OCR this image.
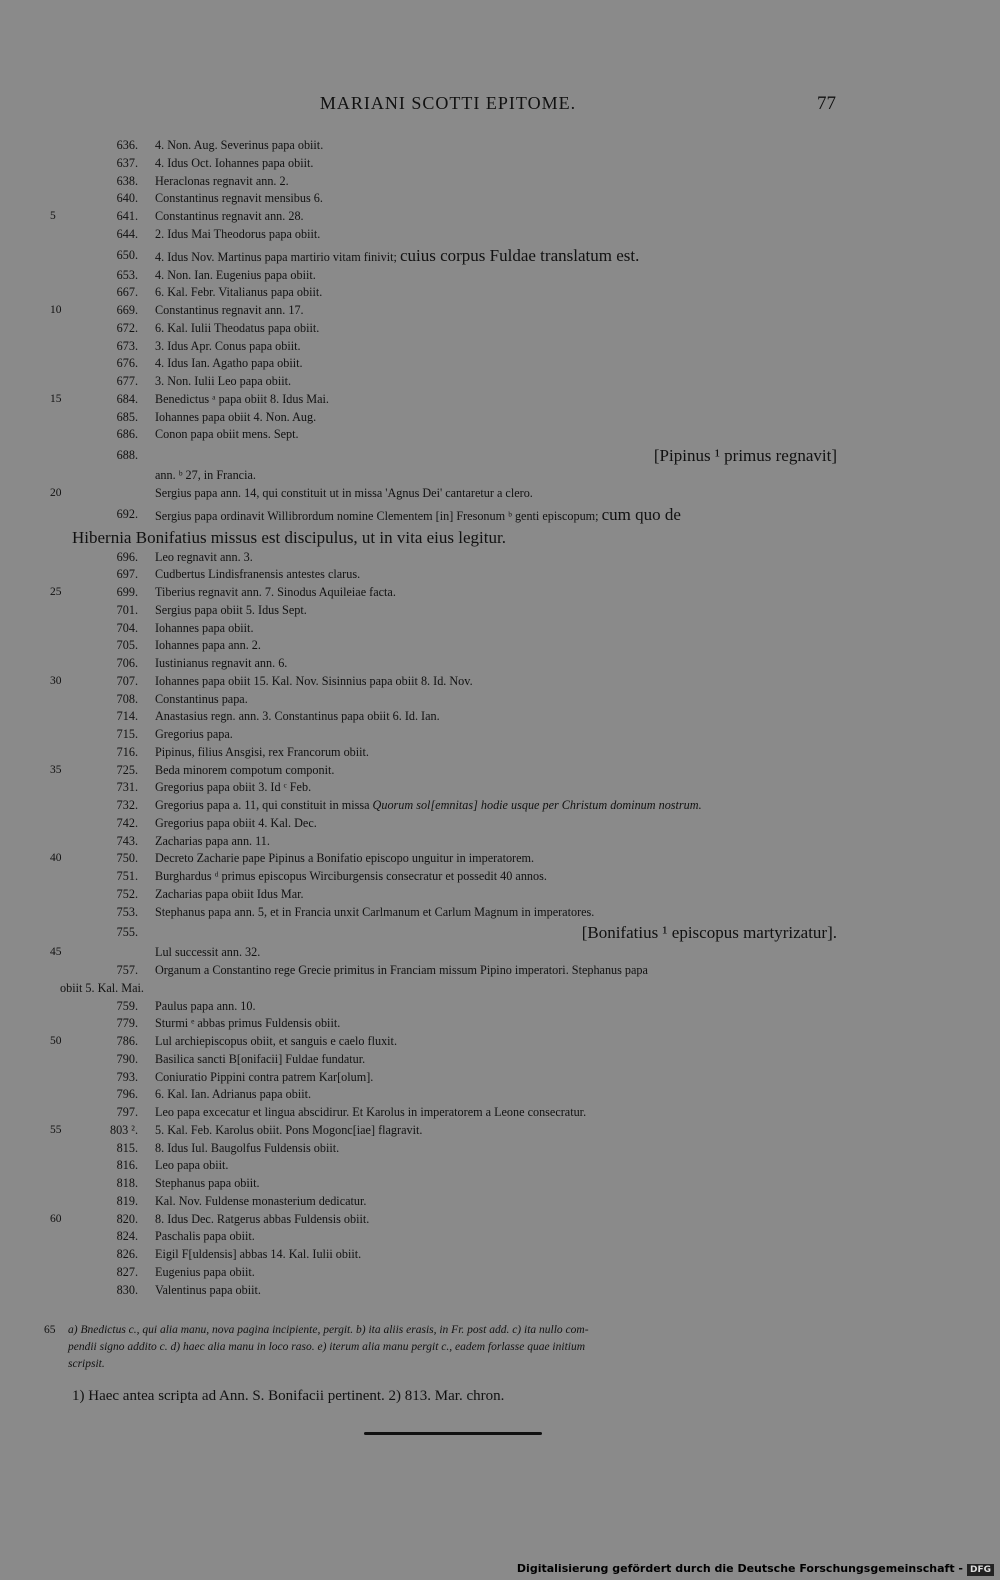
MARIANI SCOTTI EPITOME.	77
636. 4. Non. Aug. Severinus papa obiit.
637. 4. Idus Oct. Iohannes papa obiit.
638. Heraclonas regnavit ann. 2.
640. Constantinus regnavit mensibus 6.
5	641. Constantinus regnavit ann. 28.
644. 2. Idus Mai Theodorus papa obiit.
650. 4. Idus Nov. Martinus papa martirio vitam finivit; cuius corpus Fuldae translatum est.
653. 4. Non. Ian. Eugenius papa obiit.
667. 6. Kal. Febr. Vitalianus papa obiit.
10	669. Constantinus regnavit ann. 17.
672. 6. Kal. Iulii Theodatus papa obiit.
673. 3. Idus Apr. Conus papa obiit.
676. 4. Idus Ian. Agatho papa obiit.
677. 3. Non. Iulii Leo papa obiit.
15	684. Benedictus ᵃ papa obiit 8. Idus Mai.
685. Iohannes papa obiit 4. Non. Aug.
686. Conon papa obiit mens. Sept.
688.	[Pipinus ¹ primus regnavit]
ann. ᵇ 27, in Francia.
20	Sergius papa ann. 14, qui constituit ut in missa 'Agnus Dei' cantaretur a clero.
692. Sergius papa ordinavit Willibrordum nomine Clementem [in] Fresonum ᵇ genti episcopum; cum quo de
Hibernia Bonifatius missus est discipulus, ut in vita eius legitur.
696. Leo regnavit ann. 3.
697. Cudbertus Lindisfranensis antestes clarus.
25	699. Tiberius regnavit ann. 7. Sinodus Aquileiae facta.
701. Sergius papa obiit 5. Idus Sept.
704. Iohannes papa obiit.
705. Iohannes papa ann. 2.
706. Iustinianus regnavit ann. 6.
30	707. Iohannes papa obiit 15. Kal. Nov. Sisinnius papa obiit 8. Id. Nov.
708. Constantinus papa.
714. Anastasius regn. ann. 3. Constantinus papa obiit 6. Id. Ian.
715. Gregorius papa.
716. Pipinus, filius Ansgisi, rex Francorum obiit.
35	725. Beda minorem compotum componit.
731. Gregorius papa obiit 3. Id ᶜ Feb.
732. Gregorius papa a. 11, qui constituit in missa Quorum sol[emnitas] hodie usque per Christum dominum nostrum.
742. Gregorius papa obiit 4. Kal. Dec.
743. Zacharias papa ann. 11.
40	750. Decreto Zacharie pape Pipinus a Bonifatio episcopo unguitur in imperatorem.
751. Burghardus ᵈ primus episcopus Wirciburgensis consecratur et possedit 40 annos.
752. Zacharias papa obiit Idus Mar.
753. Stephanus papa ann. 5, et in Francia unxit Carlmanum et Carlum Magnum in imperatores.
755.	[Bonifatius ¹ episcopus martyrizatur].
45	Lul successit ann. 32.
757. Organum a Constantino rege Grecie primitus in Franciam missum Pipino imperatori. Stephanus papa
obiit 5. Kal. Mai.
759. Paulus papa ann. 10.
779. Sturmi ᵉ abbas primus Fuldensis obiit.
50	786. Lul archiepiscopus obiit, et sanguis e caelo fluxit.
790. Basilica sancti B[onifacii] Fuldae fundatur.
793. Coniuratio Pippini contra patrem Kar[olum].
796. 6. Kal. Ian. Adrianus papa obiit.
797. Leo papa excecatur et lingua abscidirur. Et Karolus in imperatorem a Leone consecratur.
55	803 ². 5. Kal. Feb. Karolus obiit. Pons Mogonc[iae] flagravit.
815. 8. Idus Iul. Baugolfus Fuldensis obiit.
816. Leo papa obiit.
818. Stephanus papa obiit.
819. Kal. Nov. Fuldense monasterium dedicatur.
60	820. 8. Idus Dec. Ratgerus abbas Fuldensis obiit.
824. Paschalis papa obiit.
826. Eigil F[uldensis] abbas 14. Kal. Iulii obiit.
827. Eugenius papa obiit.
830. Valentinus papa obiit.
65 a) Bnedictus c., qui alia manu, nova pagina incipiente, pergit. b) ita aliis erasis, in Fr. post add. c) ita nullo com-
pendii signo addito c. d) haec alia manu in loco raso. e) iterum alia manu pergit c., eadem forlasse quae initium
scripsit.
1) Haec antea scripta ad Ann. S. Bonifacii pertinent. 2) 813. Mar. chron.
Digitalisierung gefördert durch die Deutsche Forschungsgemeinschaft - DFG
